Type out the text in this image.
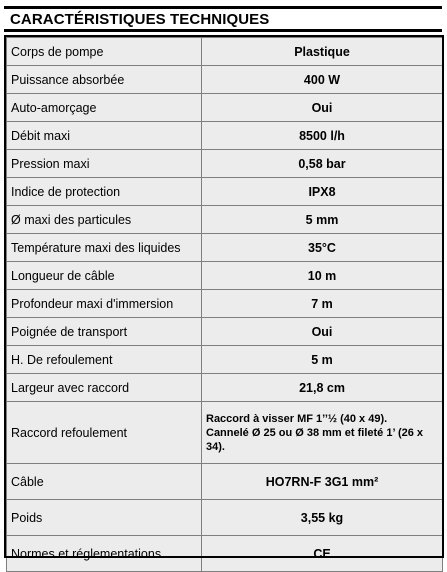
CARACTÉRISTIQUES TECHNIQUES
Corps de pompe	Plastique
Puissance absorbée	400 W
Auto-amorçage	Oui
Débit maxi	8500 l/h
Pression maxi	0,58 bar
Indice de protection	IPX8
Ø maxi des particules	5 mm
Température maxi des liquides	35°C
Longueur de câble	10 m
Profondeur maxi d'immersion	7 m
Poignée de transport	Oui
H. De refoulement	5 m
Largeur avec raccord	21,8 cm
Raccord refoulement	Raccord à visser MF 1’’½ (40 x 49).
Cannelé Ø 25 ou Ø 38 mm et fileté 1’ (26 x 34).

Câble	HO7RN-F 3G1 mm²
Poids	3,55 kg
Normes et réglementations	CE
